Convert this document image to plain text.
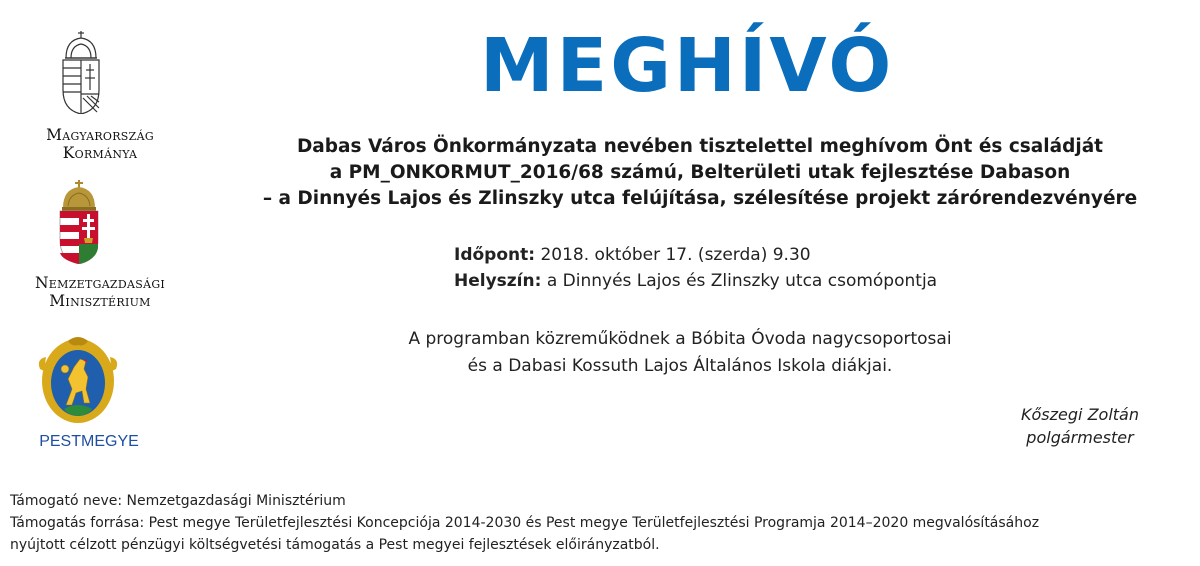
Magyarország
Kormánya
Nemzetgazdasági
Minisztérium
PESTMEGYE
MEGHÍVÓ
Dabas Város Önkormányzata nevében tisztelettel meghívom Önt és családját
a PM_ONKORMUT_2016/68 számú, Belterületi utak fejlesztése Dabason
– a Dinnyés Lajos és Zlinszky utca felújítása, szélesítése projekt zárórendezvényére
Időpont: 2018. október 17. (szerda) 9.30
Helyszín: a Dinnyés Lajos és Zlinszky utca csomópontja
A programban közreműködnek a Bóbita Óvoda nagycsoportosai
és a Dabasi Kossuth Lajos Általános Iskola diákjai.
Kőszegi Zoltán
polgármester
Támogató neve: Nemzetgazdasági Minisztérium
Támogatás forrása: Pest megye Területfejlesztési Koncepciója 2014-2030 és Pest megye Területfejlesztési Programja 2014–2020 megvalósításához
nyújtott célzott pénzügyi költségvetési támogatás a Pest megyei fejlesztések előirányzatból.
